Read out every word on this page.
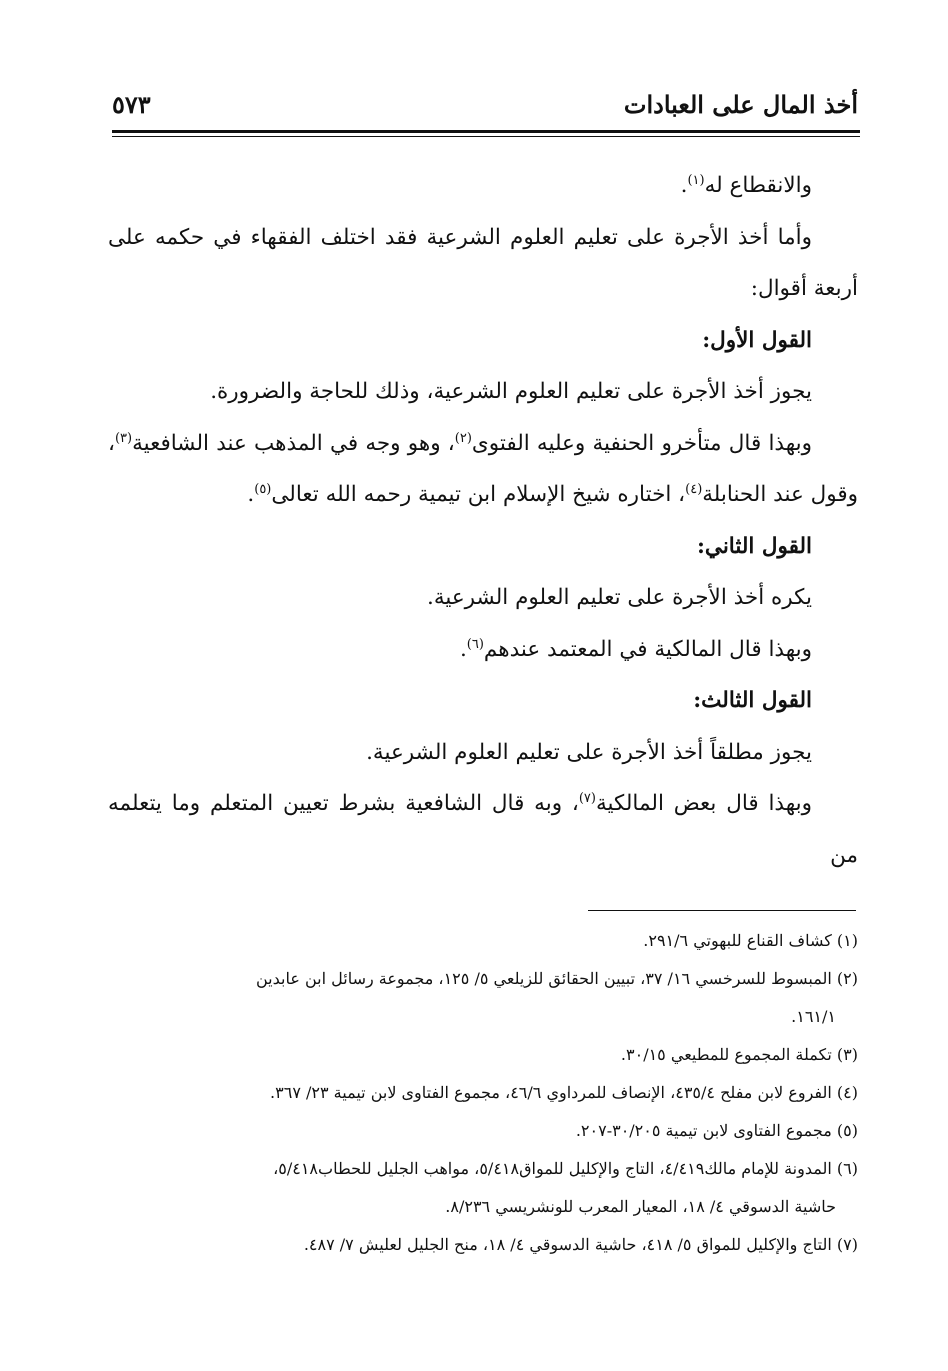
أخذ المال على العبادات
٥٧٣

والانقطاع له$^{(١)}$.

وأما أخذ الأجرة على تعليم العلوم الشرعية فقد اختلف الفقهاء في حكمه على أربعة أقوال:

القول الأول:

يجوز أخذ الأجرة على تعليم العلوم الشرعية، وذلك للحاجة والضرورة.

وبهذا قال متأخرو الحنفية وعليه الفتوى$^{(٢)}$، وهو وجه في المذهب عند الشافعية$^{(٣)}$، وقول عند الحنابلة$^{(٤)}$، اختاره شيخ الإسلام ابن تيمية رحمه الله تعالى$^{(٥)}$.

القول الثاني:

يكره أخذ الأجرة على تعليم العلوم الشرعية.

وبهذا قال المالكية في المعتمد عندهم$^{(٦)}$.

القول الثالث:

يجوز مطلقاً أخذ الأجرة على تعليم العلوم الشرعية.

وبهذا قال بعض المالكية$^{(٧)}$، وبه قال الشافعية بشرط تعيين المتعلم وما يتعلمه من

(١) كشاف القناع للبهوتي ٢٩١/٦.

(٢) المبسوط للسرخسي ١٦/ ٣٧، تبيين الحقائق للزيلعي ٥/ ١٢٥، مجموعة رسائل ابن عابدين

١٦١/١.

(٣) تكملة المجموع للمطيعي ٣٠/١٥.

(٤) الفروع لابن مفلح ٤٣٥/٤، الإنصاف للمرداوي ٤٦/٦، مجموع الفتاوى لابن تيمية ٢٣/ ٣٦٧.

(٥) مجموع الفتاوى لابن تيمية ٣٠/٢٠٥-٢٠٧.

(٦) المدونة للإمام مالك٤/٤١٩، التاج والإكليل للمواق٥/٤١٨، مواهب الجليل للحطاب٥/٤١٨،

حاشية الدسوقي ٤/ ١٨، المعيار المعرب للونشريسي ٨/٢٣٦.

(٧) التاج والإكليل للمواق ٥/ ٤١٨، حاشية الدسوقي ٤/ ١٨، منح الجليل لعليش ٧/ ٤٨٧.
